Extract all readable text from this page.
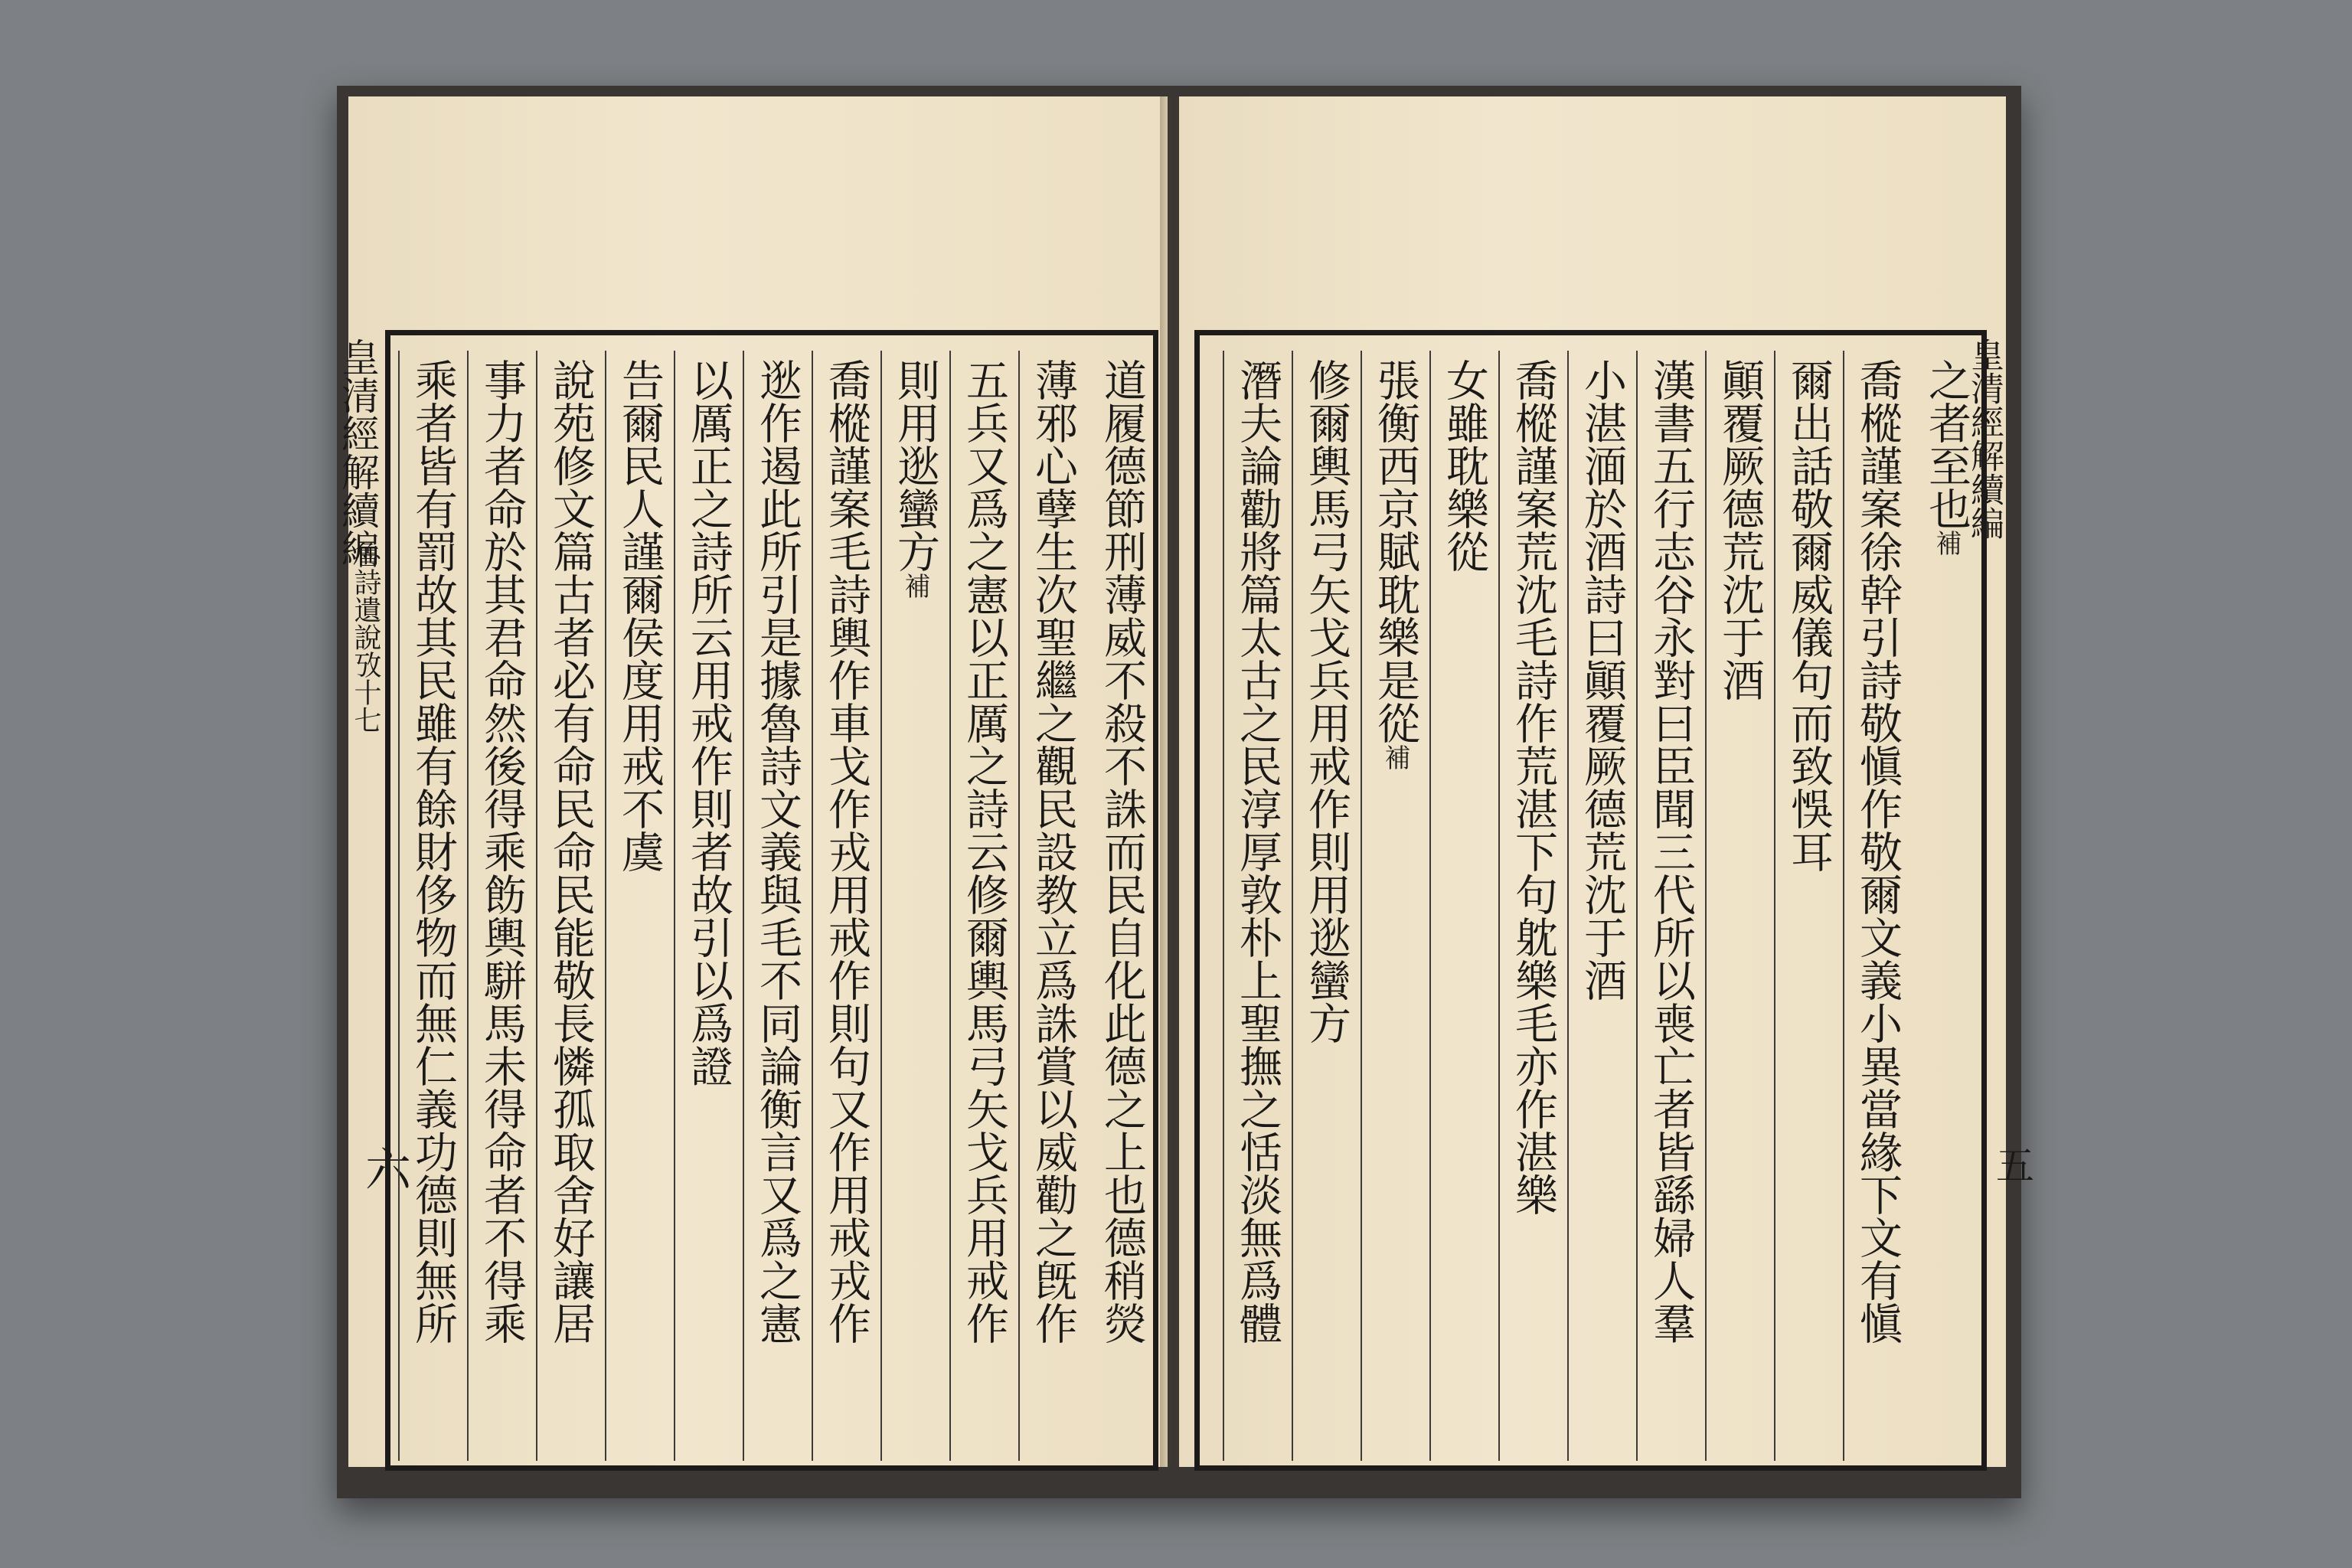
皇清經解續編
魯詩遺說攷十七
六	道履德節刑薄威不殺不誅而民自化此德之上也德稍熒
薄邪心孽生次聖繼之觀民設教立爲誅賞以威勸之旣作
五兵又爲之憲以正厲之詩云修爾輿馬弓矢戈兵用戒作
則用逖蠻方補
喬樅謹案毛詩輿作車戈作戎用戒作則句又作用戒戎作
逖作遏此所引是據魯詩文義與毛不同論衡言又爲之憲
以厲正之詩所云用戒作則者故引以爲證
告爾民人謹爾侯度用戒不虞
說苑修文篇古者必有命民命民能敬長憐孤取舍好讓居
事力者命於其君命然後得乘飭輿駢馬未得命者不得乘
乘者皆有罰故其民雖有餘財侈物而無仁義功德則無所	皇清經解續編
五
之者至也補
喬樅謹案徐幹引詩敬愼作敬爾文義小異當緣下文有愼
爾出話敬爾威儀句而致悞耳
顚覆厥德荒沈于酒
漢書五行志谷永對曰臣聞三代所以喪亡者皆繇婦人羣
小湛湎於酒詩曰顚覆厥德荒沈于酒
喬樅謹案荒沈毛詩作荒湛下句躭樂毛亦作湛樂
女雖耽樂從
張衡西京賦耽樂是從補
修爾輿馬弓矢戈兵用戒作則用逖蠻方
潛夫論勸將篇太古之民淳厚敦朴上聖撫之恬淡無爲體
